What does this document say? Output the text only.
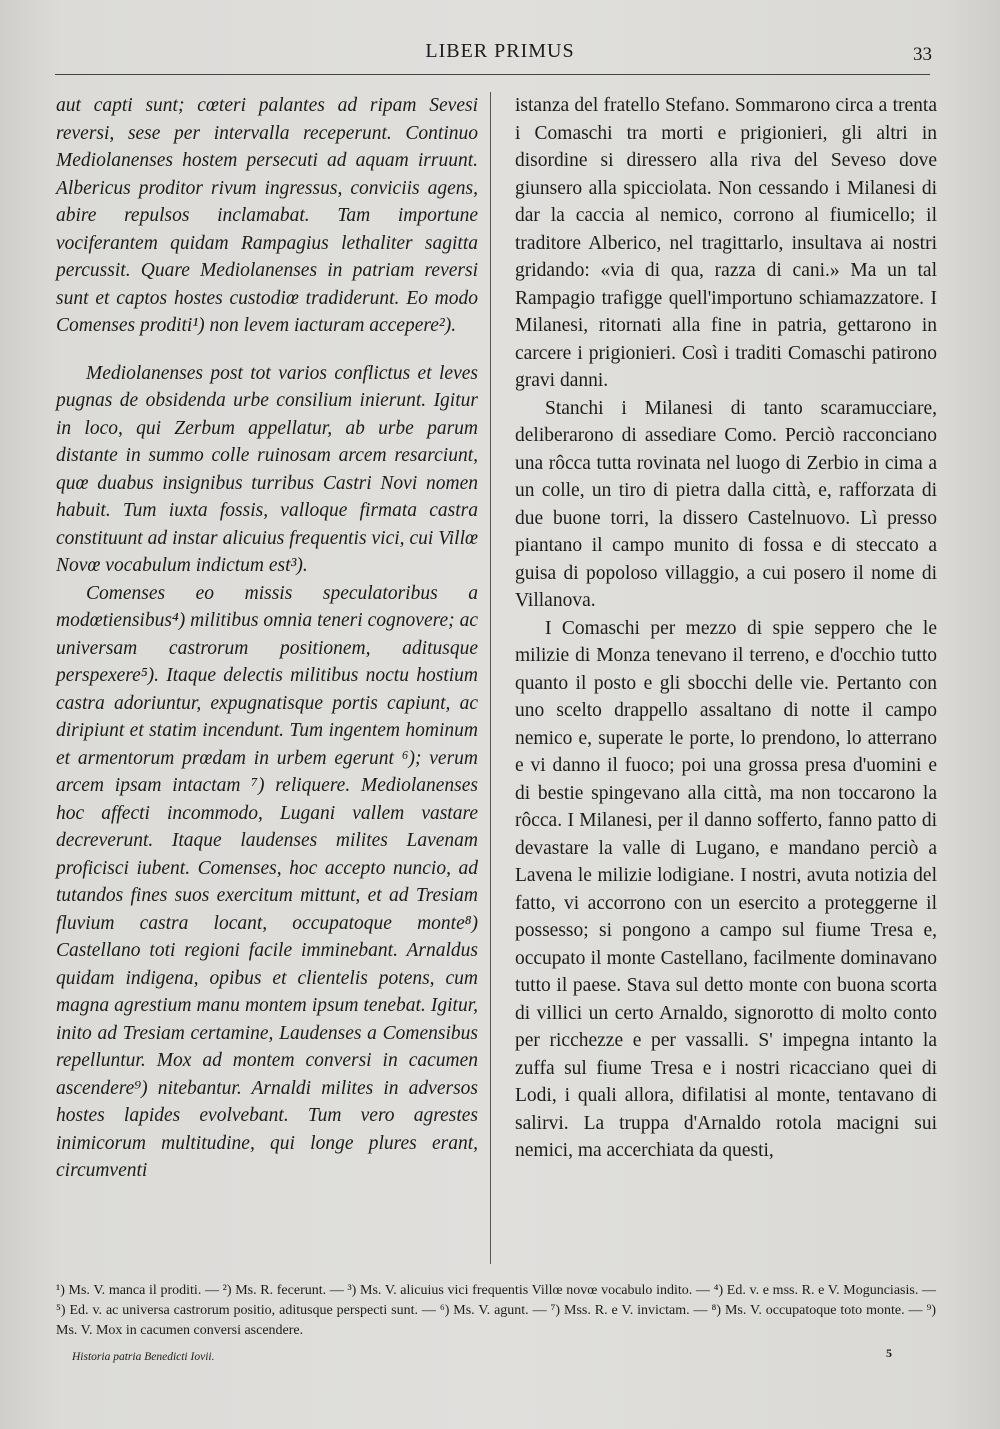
LIBER PRIMUS	33

aut capti sunt; cœteri palantes ad ripam Sevesi reversi, sese per intervalla receperunt. Continuo Mediolanenses hostem persecuti ad aquam irruunt. Albericus proditor rivum ingressus, conviciis agens, abire repulsos inclamabat. Tam importune vociferantem quidam Rampagius lethaliter sagitta percussit. Quare Mediolanenses in patriam reversi sunt et captos hostes custodiœ tradiderunt. Eo modo Comenses proditi¹) non levem iacturam accepere²).

Mediolanenses post tot varios conflictus et leves pugnas de obsidenda urbe consilium inierunt. Igitur in loco, qui Zerbum appellatur, ab urbe parum distante in summo colle ruinosam arcem resarciunt, quœ duabus insignibus turribus Castri Novi nomen habuit. Tum iuxta fossis, valloque firmata castra constituunt ad instar alicuius frequentis vici, cui Villœ Novœ vocabulum indictum est³).

Comenses eo missis speculatoribus a modœtiensibus⁴) militibus omnia teneri cognovere; ac universam castrorum positionem, aditusque perspexere⁵). Itaque delectis militibus noctu hostium castra adoriuntur, expugnatisque portis capiunt, ac diripiunt et statim incendunt. Tum ingentem hominum et armentorum prœdam in urbem egerunt ⁶); verum arcem ipsam intactam ⁷) reliquere. Mediolanenses hoc affecti incommodo, Lugani vallem vastare decreverunt. Itaque laudenses milites Lavenam proficisci iubent. Comenses, hoc accepto nuncio, ad tutandos fines suos exercitum mittunt, et ad Tresiam fluvium castra locant, occupatoque monte⁸) Castellano toti regioni facile imminebant. Arnaldus quidam indigena, opibus et clientelis potens, cum magna agrestium manu montem ipsum tenebat. Igitur, inito ad Tresiam certamine, Laudenses a Comensibus repelluntur. Mox ad montem conversi in cacumen ascendere⁹) nitebantur. Arnaldi milites in adversos hostes lapides evolvebant. Tum vero agrestes inimicorum multitudine, qui longe plures erant, circumventi

istanza del fratello Stefano. Sommarono circa a trenta i Comaschi tra morti e prigionieri, gli altri in disordine si diressero alla riva del Seveso dove giunsero alla spicciolata. Non cessando i Milanesi di dar la caccia al nemico, corrono al fiumicello; il traditore Alberico, nel tragittarlo, insultava ai nostri gridando: «via di qua, razza di cani.» Ma un tal Rampagio trafigge quell'importuno schiamazzatore. I Milanesi, ritornati alla fine in patria, gettarono in carcere i prigionieri. Così i traditi Comaschi patirono gravi danni.

Stanchi i Milanesi di tanto scaramucciare, deliberarono di assediare Como. Perciò racconciano una rôcca tutta rovinata nel luogo di Zerbio in cima a un colle, un tiro di pietra dalla città, e, rafforzata di due buone torri, la dissero Castelnuovo. Lì presso piantano il campo munito di fossa e di steccato a guisa di popoloso villaggio, a cui posero il nome di Villanova.

I Comaschi per mezzo di spie seppero che le milizie di Monza tenevano il terreno, e d'occhio tutto quanto il posto e gli sbocchi delle vie. Pertanto con uno scelto drappello assaltano di notte il campo nemico e, superate le porte, lo prendono, lo atterrano e vi danno il fuoco; poi una grossa presa d'uomini e di bestie spingevano alla città, ma non toccarono la rôcca. I Milanesi, per il danno sofferto, fanno patto di devastare la valle di Lugano, e mandano perciò a Lavena le milizie lodigiane. I nostri, avuta notizia del fatto, vi accorrono con un esercito a proteggerne il possesso; si pongono a campo sul fiume Tresa e, occupato il monte Castellano, facilmente dominavano tutto il paese. Stava sul detto monte con buona scorta di villici un certo Arnaldo, signorotto di molto conto per ricchezze e per vassalli. S' impegna intanto la zuffa sul fiume Tresa e i nostri ricacciano quei di Lodi, i quali allora, difilatisi al monte, tentavano di salirvi. La truppa d'Arnaldo rotola macigni sui nemici, ma accerchiata da questi,

¹) Ms. V. manca il proditi. — ²) Ms. R. fecerunt. — ³) Ms. V. alicuius vici frequentis Villœ novœ vocabulo indito. — ⁴) Ed. v. e mss. R. e V. Moguncіasis. — ⁵) Ed. v. ac universa castrorum positio, aditusque perspecti sunt. — ⁶) Ms. V. agunt. — ⁷) Mss. R. e V. invictam. — ⁸) Ms. V. occupatoque toto monte. — ⁹) Ms. V. Mox in cacumen conversi ascendere.

Historia patria Benedicti Iovii.	5
